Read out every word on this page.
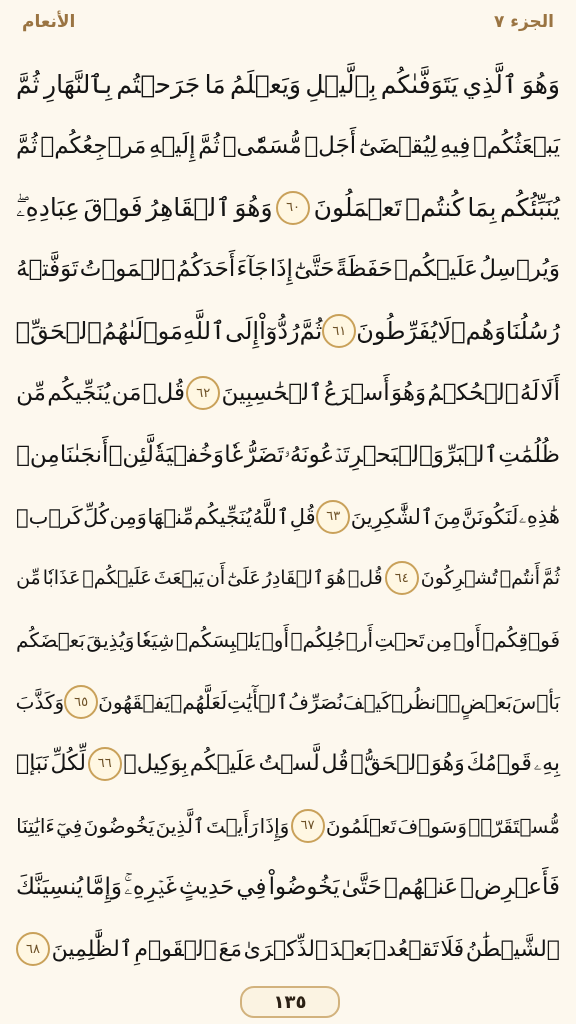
الأنعام	الجزء ٧
وَهُوَ
ٱلَّذِي
يَتَوَفَّىٰكُم
بِٱلَّيۡلِ
وَيَعۡلَمُ
مَا
جَرَحۡتُم
بِٱلنَّهَارِ
ثُمَّ
يَبۡعَثُكُمۡ
فِيهِ
لِيُقۡضَىٰٓ
أَجَلٞ
مُّسَمّٗىۖ
ثُمَّ
إِلَيۡهِ
مَرۡجِعُكُمۡ
ثُمَّ
يُنَبِّئُكُم
بِمَا
كُنتُمۡ
تَعۡمَلُونَ
٦٠
وَهُوَ
ٱلۡقَاهِرُ
فَوۡقَ
عِبَادِهِۦۖ
وَيُرۡسِلُ
عَلَيۡكُمۡ
حَفَظَةً
حَتَّىٰٓ
إِذَا
جَآءَ
أَحَدَكُمُ
ٱلۡمَوۡتُ
تَوَفَّتۡهُ
رُسُلُنَا
وَهُمۡ
لَا
يُفَرِّطُونَ
٦١
ثُمَّ
رُدُّوٓاْ
إِلَى
ٱللَّهِ
مَوۡلَىٰهُمُ
ٱلۡحَقِّۚ
أَلَا
لَهُ
ٱلۡحُكۡمُ
وَهُوَ
أَسۡرَعُ
ٱلۡحَٰسِبِينَ
٦٢
قُلۡ
مَن
يُنَجِّيكُم
مِّن
ظُلُمَٰتِ
ٱلۡبَرِّ
وَٱلۡبَحۡرِ
تَدۡعُونَهُۥ
تَضَرُّعٗا
وَخُفۡيَةٗ
لَّئِنۡ
أَنجَىٰنَا
مِنۡ
هَٰذِهِۦ
لَنَكُونَنَّ
مِنَ
ٱلشَّٰكِرِينَ
٦٣
قُلِ
ٱللَّهُ
يُنَجِّيكُم
مِّنۡهَا
وَمِن
كُلِّ
كَرۡبٖ
ثُمَّ
أَنتُمۡ
تُشۡرِكُونَ
٦٤
قُلۡ
هُوَ
ٱلۡقَادِرُ
عَلَىٰٓ
أَن
يَبۡعَثَ
عَلَيۡكُمۡ
عَذَابٗا
مِّن
فَوۡقِكُمۡ
أَوۡ
مِن
تَحۡتِ
أَرۡجُلِكُمۡ
أَوۡ
يَلۡبِسَكُمۡ
شِيَعٗا
وَيُذِيقَ
بَعۡضَكُم
بَأۡسَ
بَعۡضٍۗ
ٱنظُرۡ
كَيۡفَ
نُصَرِّفُ
ٱلۡأٓيَٰتِ
لَعَلَّهُمۡ
يَفۡقَهُونَ
٦٥
وَكَذَّبَ
بِهِۦ
قَوۡمُكَ
وَهُوَ
ٱلۡحَقُّۚ
قُل
لَّسۡتُ
عَلَيۡكُم
بِوَكِيلٖ
٦٦
لِّكُلِّ
نَبَإٖ
مُّسۡتَقَرّٞۚ
وَسَوۡفَ
تَعۡلَمُونَ
٦٧
وَإِذَا
رَأَيۡتَ
ٱلَّذِينَ
يَخُوضُونَ
فِيٓ
ءَايَٰتِنَا
فَأَعۡرِضۡ
عَنۡهُمۡ
حَتَّىٰ
يَخُوضُواْ
فِي
حَدِيثٍ
غَيۡرِهِۦۚ
وَإِمَّا
يُنسِيَنَّكَ
ٱلشَّيۡطَٰنُ
فَلَا
تَقۡعُدۡ
بَعۡدَ
ٱلذِّكۡرَىٰ
مَعَ
ٱلۡقَوۡمِ
ٱلظَّٰلِمِينَ
٦٨
١٣٥
